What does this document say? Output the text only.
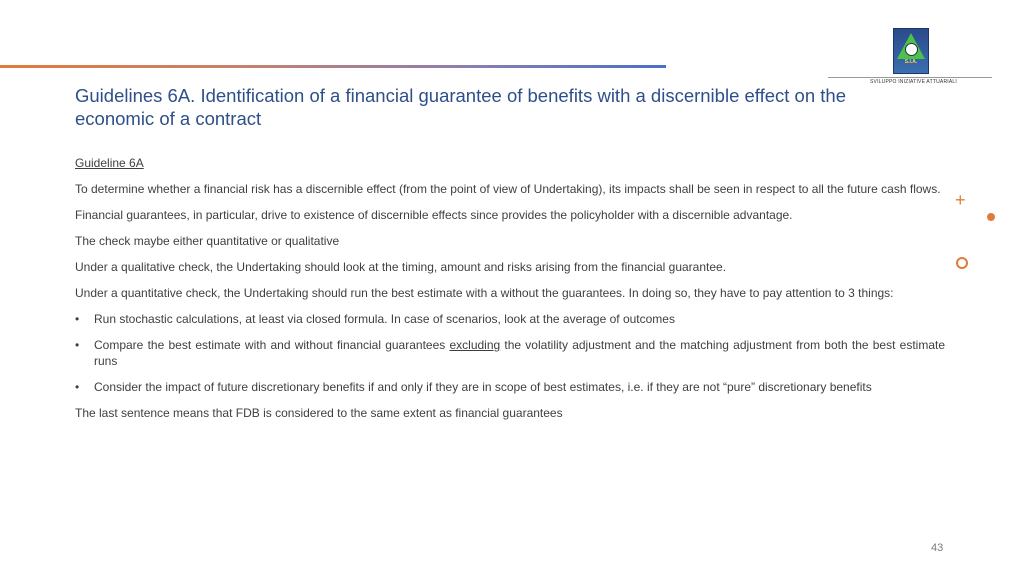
S.I.A.
SVILUPPO INIZIATIVE ATTUARIALI
Guidelines 6A. Identification of a financial guarantee of benefits with a discernible effect on the economic of a contract

Guideline 6A

To determine whether a financial risk has a discernible effect (from the point of view of Undertaking), its impacts shall be seen in respect to all the future cash flows.

Financial guarantees, in particular, drive to existence of discernible effects since provides the policyholder with a discernible advantage.

The check maybe either quantitative or qualitative

Under a qualitative check, the Undertaking should look at the timing, amount and risks arising from the financial guarantee.

Under a quantitative check, the Undertaking should run the best estimate with a without the guarantees. In doing so, they have to pay attention to 3 things:

• Run stochastic calculations, at least via closed formula. In case of scenarios, look at the average of outcomes
• Compare the best estimate with and without financial guarantees excluding the volatility adjustment and the matching adjustment from both the best estimate runs
• Consider the impact of future discretionary benefits if and only if they are in scope of best estimates, i.e. if they are not “pure” discretionary benefits

The last sentence means that FDB is considered to the same extent as financial guarantees

+
43
